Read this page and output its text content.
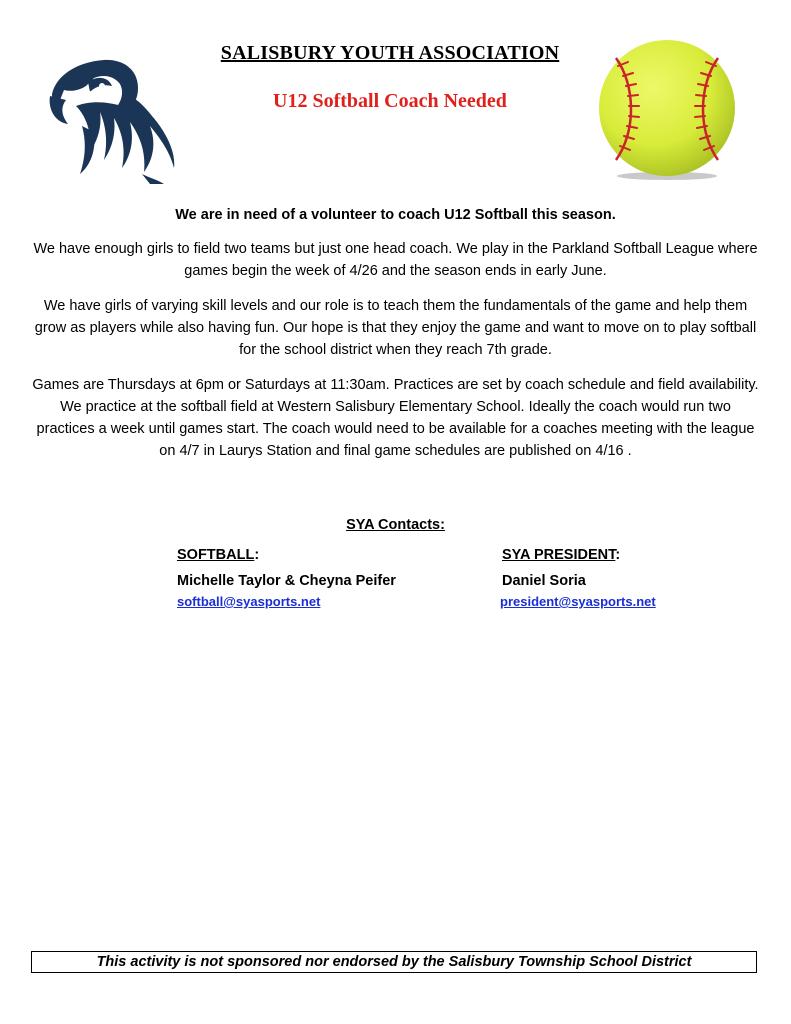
SALISBURY YOUTH ASSOCIATION
U12 Softball Coach Needed

We are in need of a volunteer to coach U12 Softball this season.

We have enough girls to field two teams but just one head coach. We play in the Parkland Softball League where games begin the week of 4/26 and the season ends in early June.

We have girls of varying skill levels and our role is to teach them the fundamentals of the game and help them grow as players while also having fun. Our hope is that they enjoy the game and want to move on to play softball for the school district when they reach 7th grade.

Games are Thursdays at 6pm or Saturdays at 11:30am. Practices are set by coach schedule and field availability. We practice at the softball field at Western Salisbury Elementary School. Ideally the coach would run two practices a week until games start. The coach would need to be available for a coaches meeting with the league on 4/7 in Laurys Station and final game schedules are published on 4/16 .

SYA Contacts:
SOFTBALL:
Michelle Taylor & Cheyna Peifer
softball@syasports.net
SYA PRESIDENT:
Daniel Soria
president@syasports.net
This activity is not sponsored nor endorsed by the Salisbury Township School District
